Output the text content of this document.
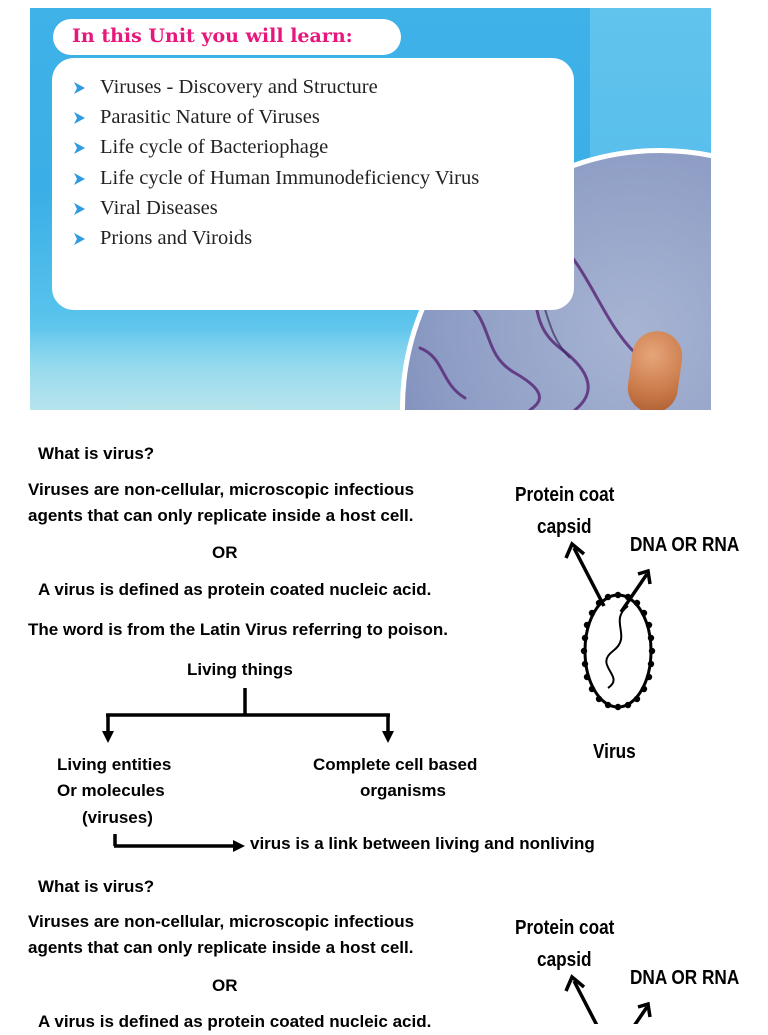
In this Unit you will learn:
Viruses - Discovery and Structure
Parasitic Nature of Viruses
Life cycle of Bacteriophage
Life cycle of Human Immunodeficiency Virus
Viral Diseases
Prions and Viroids
What is virus?
Viruses are non-cellular, microscopic infectious
agents that can only replicate inside a host cell.
OR
A virus is defined as protein coated nucleic acid.
The word is from the Latin Virus referring to poison.
Protein coat
capsid
DNA OR RNA
Virus
Living things
Living entities
Or molecules
(viruses)
Complete cell based
organisms
virus is a link between living and nonliving
What is virus?
Viruses are non-cellular, microscopic infectious
agents that can only replicate inside a host cell.
OR
A virus is defined as protein coated nucleic acid.
Protein coat
capsid
DNA OR RNA
